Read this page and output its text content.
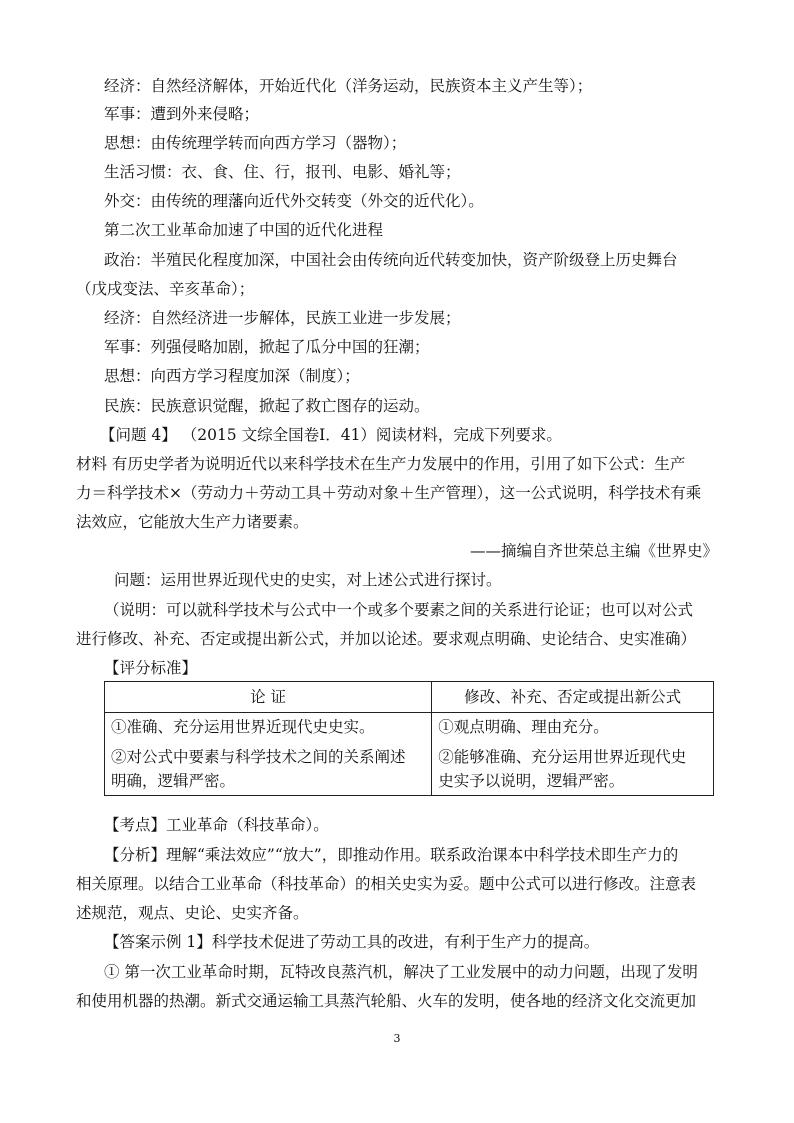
经济：自然经济解体，开始近代化（洋务运动，民族资本主义产生等）；
军事：遭到外来侵略；
思想：由传统理学转而向西方学习（器物）；
生活习惯：衣、食、住、行，报刊、电影、婚礼等；
外交：由传统的理藩向近代外交转变（外交的近代化）。
第二次工业革命加速了中国的近代化进程
政治：半殖民化程度加深，中国社会由传统向近代转变加快，资产阶级登上历史舞台
（戊戌变法、辛亥革命）；
经济：自然经济进一步解体，民族工业进一步发展；
军事：列强侵略加剧，掀起了瓜分中国的狂潮；
思想：向西方学习程度加深（制度）；
民族：民族意识觉醒，掀起了救亡图存的运动。
【问题 4】 （2015 文综全国卷Ⅰ．41）阅读材料，完成下列要求。
材料 有历史学者为说明近代以来科学技术在生产力发展中的作用，引用了如下公式：生产
力＝科学技术×（劳动力＋劳动工具＋劳动对象＋生产管理），这一公式说明，科学技术有乘
法效应，它能放大生产力诸要素。
——摘编自齐世荣总主编《世界史》
问题：运用世界近现代史的史实，对上述公式进行探讨。
（说明：可以就科学技术与公式中一个或多个要素之间的关系进行论证；也可以对公式
进行修改、补充、否定或提出新公式，并加以论述。要求观点明确、史论结合、史实准确）
【评分标准】
论 证	修改、补充、否定或提出新公式

①准确、充分运用世界近现代史史实。
②对公式中要素与科学技术之间的关系阐述
明确，逻辑严密。	①观点明确、理由充分。
②能够准确、充分运用世界近现代史
史实予以说明，逻辑严密。
【考点】工业革命（科技革命）。
【分析】理解“乘法效应”“放大”，即推动作用。联系政治课本中科学技术即生产力的
相关原理。以结合工业革命（科技革命）的相关史实为妥。题中公式可以进行修改。注意表
述规范，观点、史论、史实齐备。
【答案示例 1】科学技术促进了劳动工具的改进，有利于生产力的提高。
① 第一次工业革命时期，瓦特改良蒸汽机，解决了工业发展中的动力问题，出现了发明
和使用机器的热潮。新式交通运输工具蒸汽轮船、火车的发明，使各地的经济文化交流更加
3
